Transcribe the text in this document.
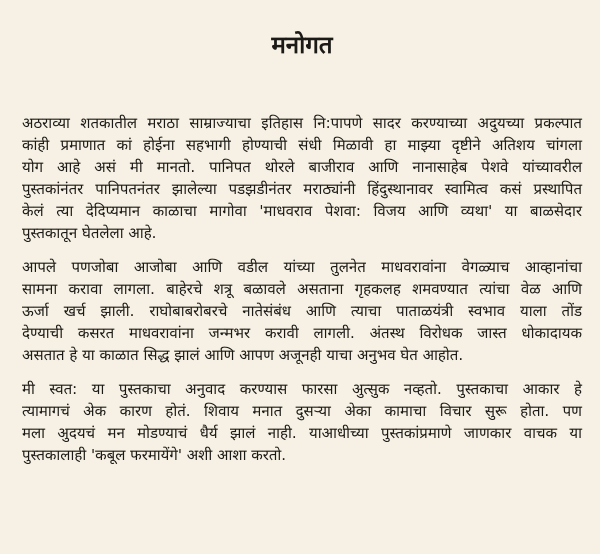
मनोगत

अठराव्या शतकातील मराठा साम्राज्याचा इतिहास नि:पापणे सादर करण्याच्या अदुयच्या प्रकल्पात
कांही प्रमाणात कां होईना सहभागी होण्याची संधी मिळावी हा माझ्या दृष्टीने अतिशय चांगला
योग आहे असं मी मानतो. पानिपत थोरले बाजीराव आणि नानासाहेब पेशवे यांच्यावरील
पुस्तकांनंतर पानिपतनंतर झालेल्या पडझडीनंतर मराठ्यांनी हिंदुस्थानावर स्वामित्व कसं प्रस्थापित
केलं त्या देदिप्यमान काळाचा मागोवा 'माधवराव पेशवा: विजय आणि व्यथा' या बाळसेदार
पुस्तकातून घेतलेला आहे.

आपले पणजोबा आजोबा आणि वडील यांच्या तुलनेत माधवरावांना वेगळ्याच आव्हानांचा
सामना करावा लागला. बाहेरचे शत्रू बळावले असताना गृहकलह शमवण्यात त्यांचा वेळ आणि
ऊर्जा खर्च झाली. राघोबाबरोबरचे नातेसंबंध आणि त्याचा पाताळयंत्री स्वभाव याला तोंड
देण्याची कसरत माधवरावांना जन्मभर करावी लागली. अंतस्थ विरोधक जास्त धोकादायक
असतात हे या काळात सिद्ध झालं आणि आपण अजूनही याचा अनुभव घेत आहोत.

मी स्वत: या पुस्तकाचा अनुवाद करण्यास फारसा अुत्सुक नव्हतो. पुस्तकाचा आकार हे
त्यामागचं अेक कारण होतं. शिवाय मनात दुसऱ्या अेका कामाचा विचार सुरू होता. पण
मला अुदयचं मन मोडण्याचं धैर्य झालं नाही. याआधीच्या पुस्तकांप्रमाणे जाणकार वाचक या
पुस्तकालाही 'कबूल फरमायेंगे' अशी आशा करतो.
